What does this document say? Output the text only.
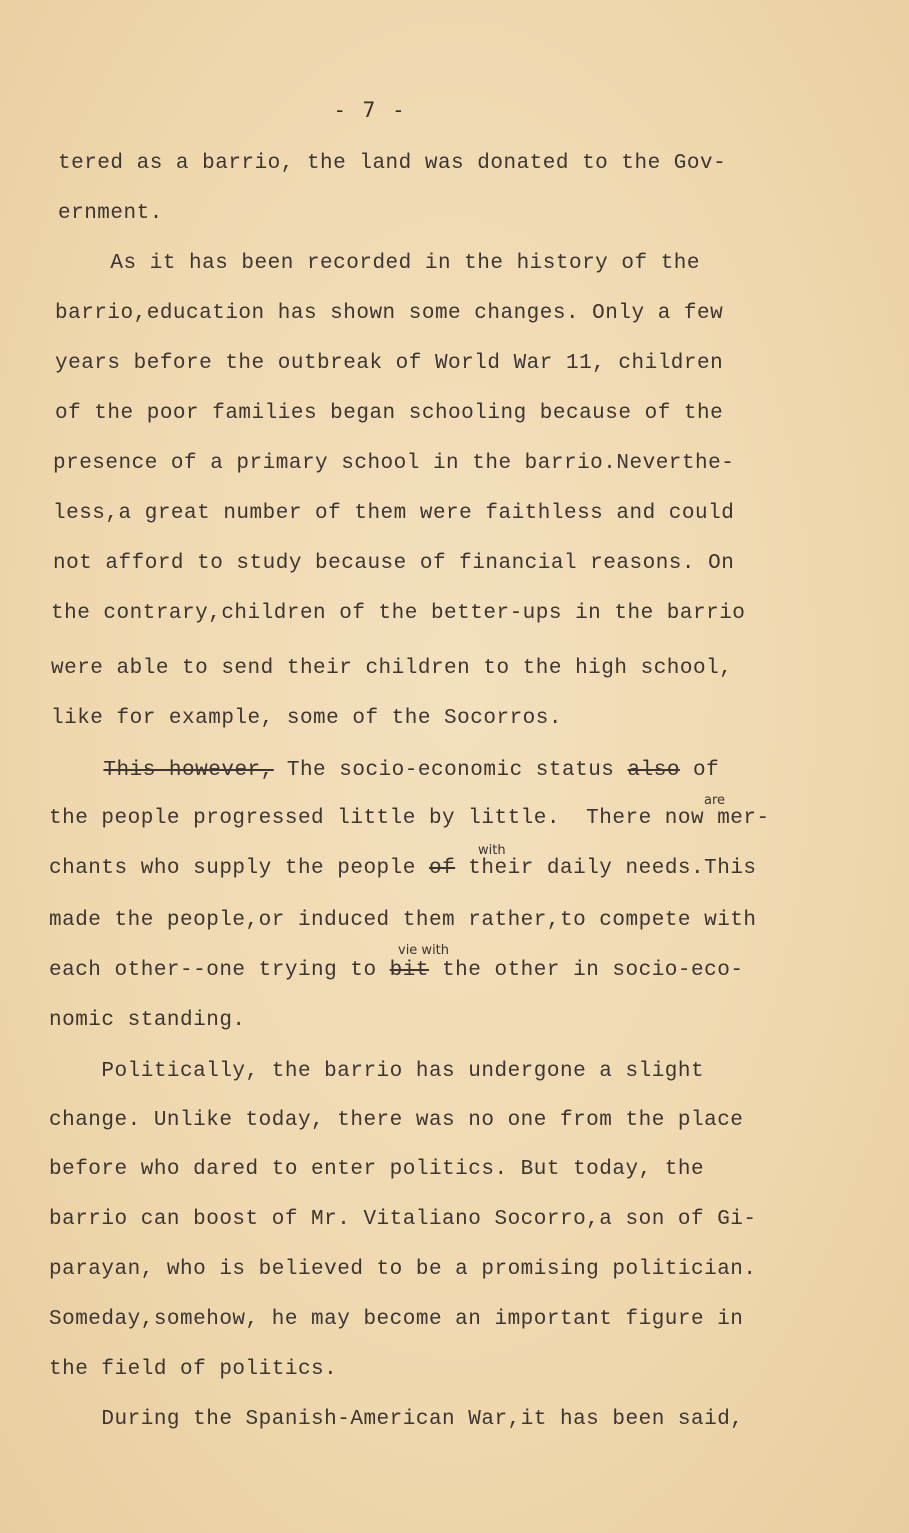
- 7 -
tered as a barrio, the land was donated to the Gov-
ernment.
As it has been recorded in the history of the
barrio,education has shown some changes. Only a few
years before the outbreak of World War 11, children
of the poor families began schooling because of the
presence of a primary school in the barrio.Neverthe-
less,a great number of them were faithless and could
not afford to study because of financial reasons. On
the contrary,children of the better-ups in the barrio
were able to send their children to the high school,
like for example, some of the Socorros.
This however, The socio-economic status also of
are
the people progressed little by little.  There now mer-
with
chants who supply the people of their daily needs.This
made the people,or induced them rather,to compete with
vie with
each other--one trying to bit the other in socio-eco-
nomic standing.
Politically, the barrio has undergone a slight
change. Unlike today, there was no one from the place
before who dared to enter politics. But today, the
barrio can boost of Mr. Vitaliano Socorro,a son of Gi-
parayan, who is believed to be a promising politician.
Someday,somehow, he may become an important figure in
the field of politics.
During the Spanish-American War,it has been said,
